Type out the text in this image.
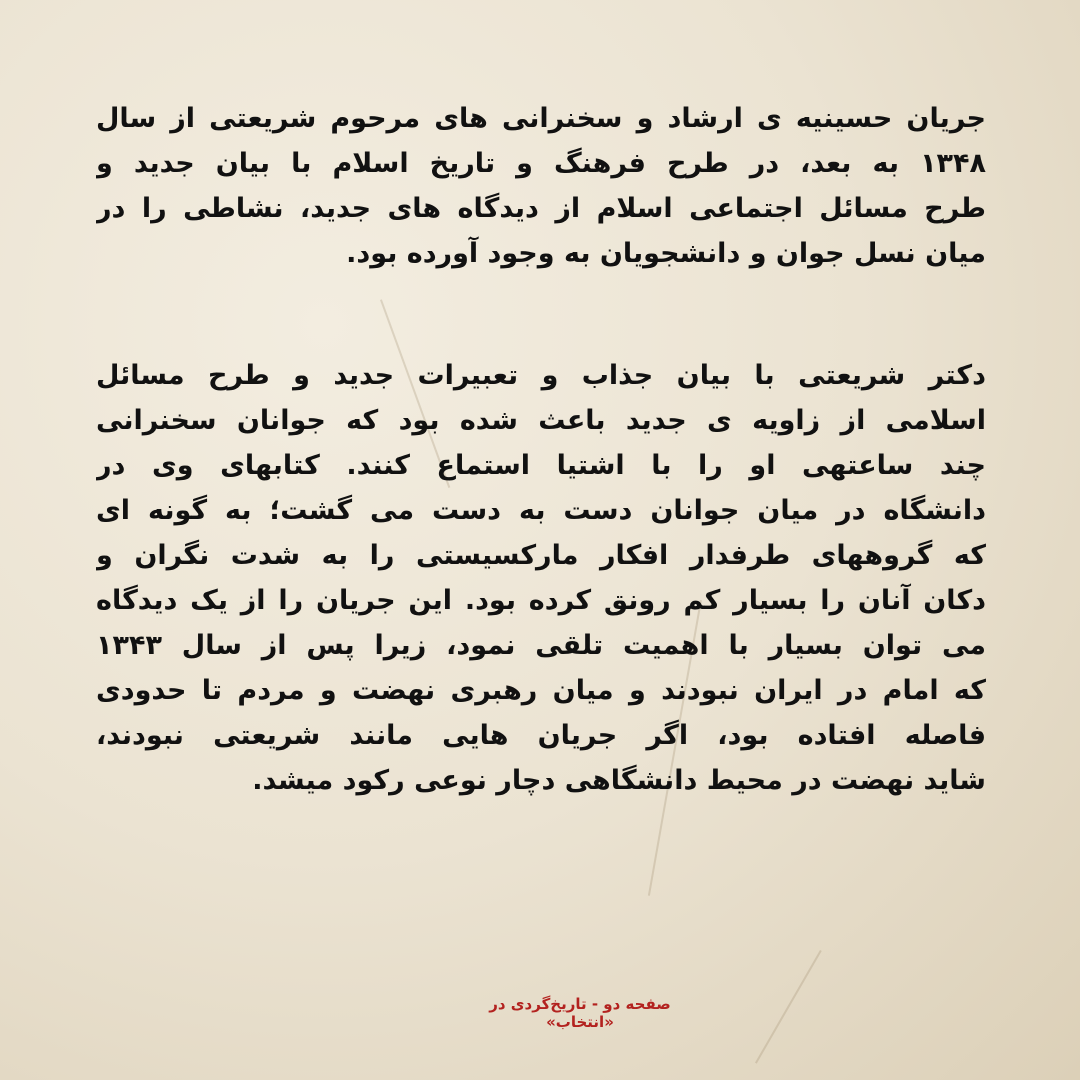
جریان حسینیه ی ارشاد و سخنرانی های مرحوم شریعتی از سال
۱۳۴۸ به بعد، در طرح فرهنگ و تاریخ اسلام با بیان جدید و
طرح مسائل اجتماعی اسلام از دیدگاه های جدید، نشاطی را در
میان نسل جوان و دانشجویان به وجود آورده بود.
دکتر شریعتی با بیان جذاب و تعبیرات جدید و طرح مسائل
اسلامی از زاویه ی جدید باعث شده بود که جوانان سخنرانی
چند ساعتهی او را با اشتیا استماع کنند. کتابهای وی در
دانشگاه در میان جوانان دست به دست می گشت؛ به گونه ای
که گروههای طرفدار افکار مارکسیستی را به شدت نگران و
دکان آنان را بسیار کم رونق کرده بود. این جریان را از یک دیدگاه
می توان بسیار با اهمیت تلقی نمود، زیرا پس از سال ۱۳۴۳
که امام در ایران نبودند و میان رهبری نهضت و مردم تا حدودی
فاصله افتاده بود، اگر جریان هایی مانند شریعتی نبودند،
شاید نهضت در محیط دانشگاهی دچار نوعی رکود میشد.
صفحه دو - تاریخ‌گردی در «انتخاب»
